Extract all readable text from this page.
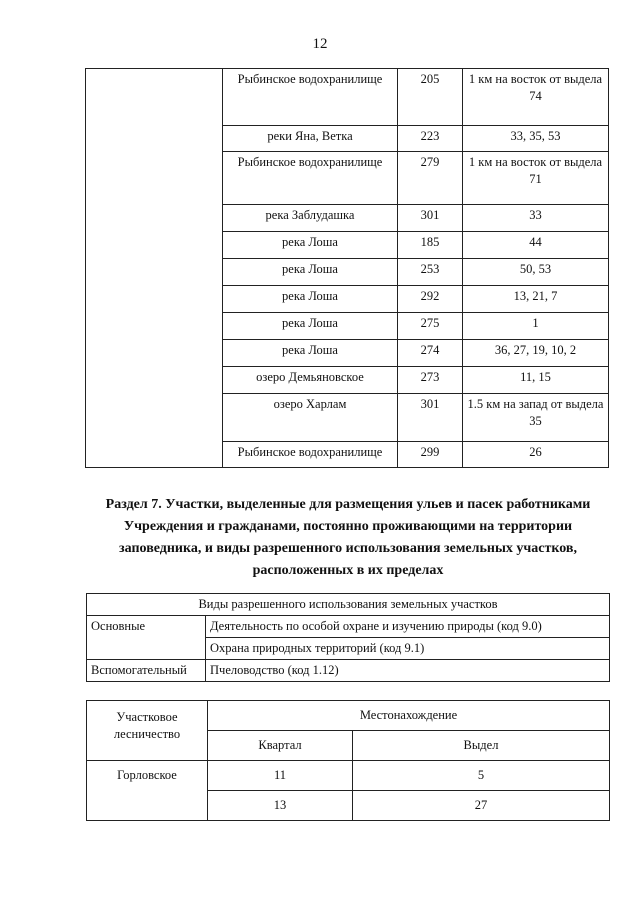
12
	Рыбинское водохранилище	205	1 км на восток от выдела 74
	реки Яна, Ветка	223	33, 35, 53
	Рыбинское водохранилище	279	1 км на восток от выдела 71
	река Заблудашка	301	33
	река Лоша	185	44
	река Лоша	253	50, 53
	река Лоша	292	13, 21, 7
	река Лоша	275	1
	река Лоша	274	36, 27, 19, 10, 2
	озеро Демьяновское	273	11, 15
	озеро Харлам	301	1.5 км на запад от выдела 35
	Рыбинское водохранилище	299	26
Раздел 7. Участки, выделенные для размещения ульев и пасек работниками Учреждения и гражданами, постоянно проживающими на территории заповедника, и виды разрешенного использования земельных участков, расположенных в их пределах
Виды разрешенного использования земельных участков	
Основные	Деятельность по особой охране и изучению природы (код 9.0)
	Охрана природных территорий (код 9.1)
Вспомогательный	Пчеловодство (код 1.12)
Участковое лесничество	Местонахождение	
	Квартал	Выдел
Горловское	11	5
	13	27
